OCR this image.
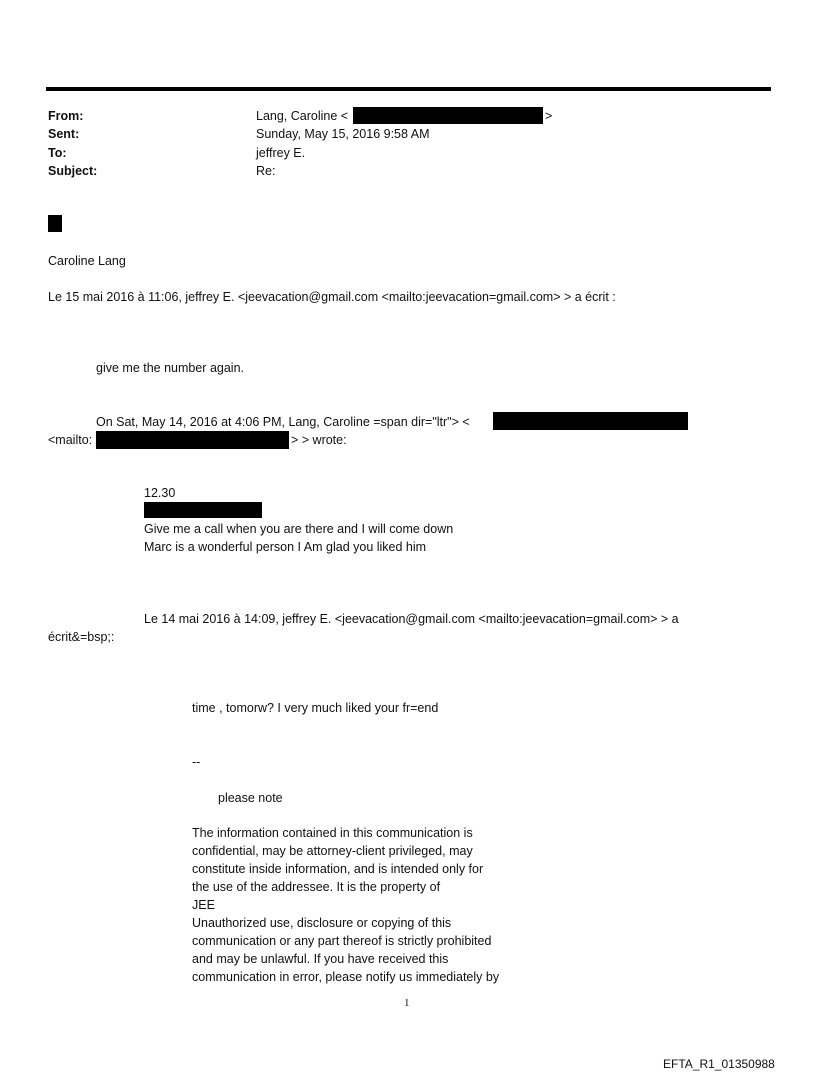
From:
Sent:
To:
Subject:
Lang, Caroline <	>
Sunday, May 15, 2016 9:58 AM
jeffrey E.
Re:
Caroline Lang
Le 15 mai 2016 à 11:06, jeffrey E. <jeevacation@gmail.com <mailto:jeevacation=gmail.com> > a écrit :
give me the number again.
On Sat, May 14, 2016 at 4:06 PM, Lang, Caroline =span dir="ltr"> <
<mailto:	> > wrote:
12.30
Give me a call when you are there and I will come down
Marc is a wonderful person I Am glad you liked him
Le 14 mai 2016 à 14:09, jeffrey E. <jeevacation@gmail.com <mailto:jeevacation=gmail.com> > a
écrit&=bsp;:
time , tomorw? I very much liked your fr=end
--
please note
The information contained in this communication is
confidential, may be attorney-client privileged, may
constitute inside information, and is intended only for
the use of the addressee. It is the property of
JEE
Unauthorized use, disclosure or copying of this
communication or any part thereof is strictly prohibited
and may be unlawful. If you have received this
communication in error, please notify us immediately by
1
EFTA_R1_01350988
